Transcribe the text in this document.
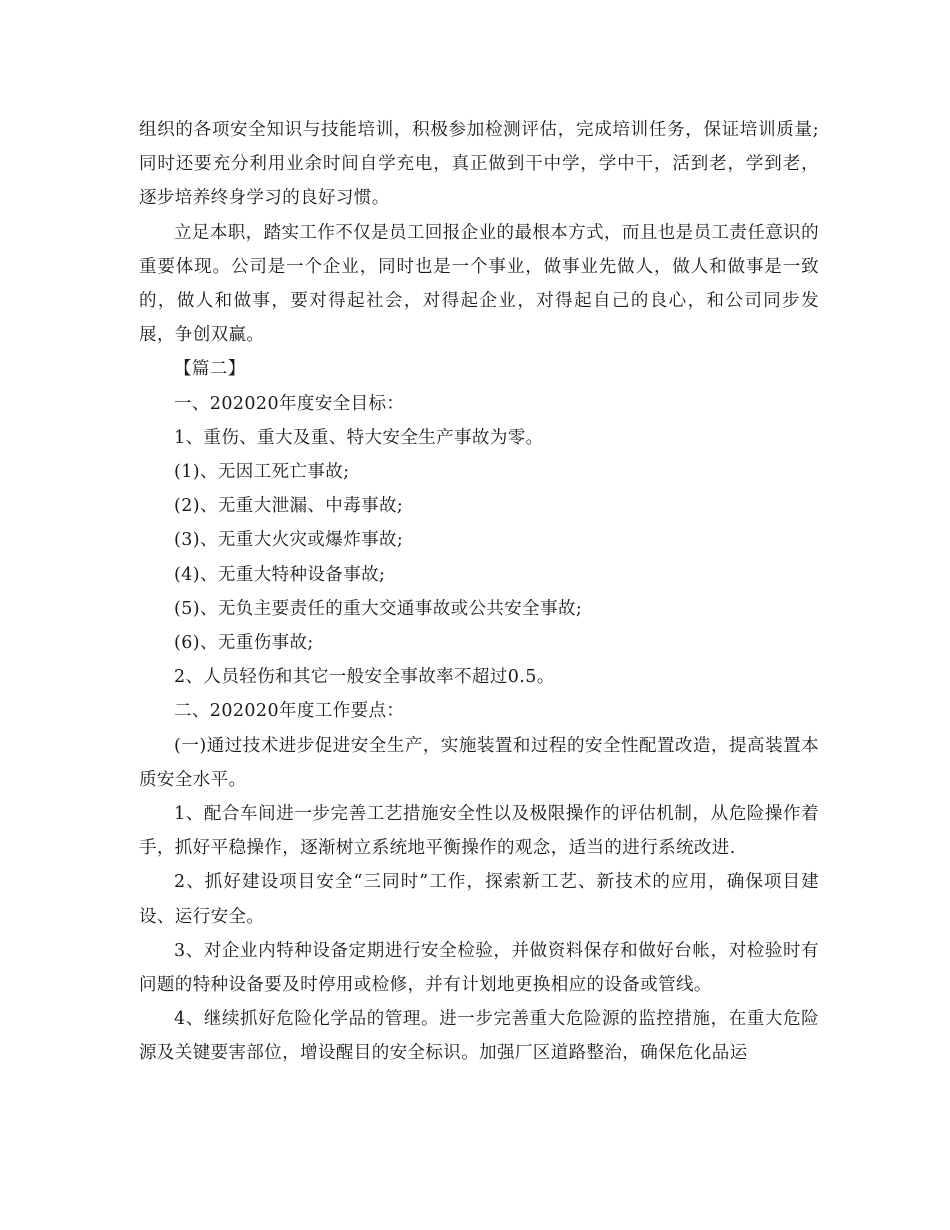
组织的各项安全知识与技能培训，积极参加检测评估，完成培训任务，保证培训质量;同时还要充分利用业余时间自学充电，真正做到干中学，学中干，活到老，学到老，逐步培养终身学习的良好习惯。

立足本职，踏实工作不仅是员工回报企业的最根本方式，而且也是员工责任意识的重要体现。公司是一个企业，同时也是一个事业，做事业先做人，做人和做事是一致的，做人和做事，要对得起社会，对得起企业，对得起自己的良心，和公司同步发展，争创双赢。

【篇二】

一、202020年度安全目标：

1、重伤、重大及重、特大安全生产事故为零。

(1)、无因工死亡事故;

(2)、无重大泄漏、中毒事故;

(3)、无重大火灾或爆炸事故;

(4)、无重大特种设备事故;

(5)、无负主要责任的重大交通事故或公共安全事故;

(6)、无重伤事故;

2、人员轻伤和其它一般安全事故率不超过0.5。

二、202020年度工作要点：

(一)通过技术进步促进安全生产，实施装置和过程的安全性配置改造，提高装置本质安全水平。

1、配合车间进一步完善工艺措施安全性以及极限操作的评估机制，从危险操作着手，抓好平稳操作，逐渐树立系统地平衡操作的观念，适当的进行系统改进.

2、抓好建设项目安全“三同时”工作，探索新工艺、新技术的应用，确保项目建设、运行安全。

3、对企业内特种设备定期进行安全检验，并做资料保存和做好台帐，对检验时有问题的特种设备要及时停用或检修，并有计划地更换相应的设备或管线。

4、继续抓好危险化学品的管理。进一步完善重大危险源的监控措施，在重大危险源及关键要害部位，增设醒目的安全标识。加强厂区道路整治，确保危化品运
